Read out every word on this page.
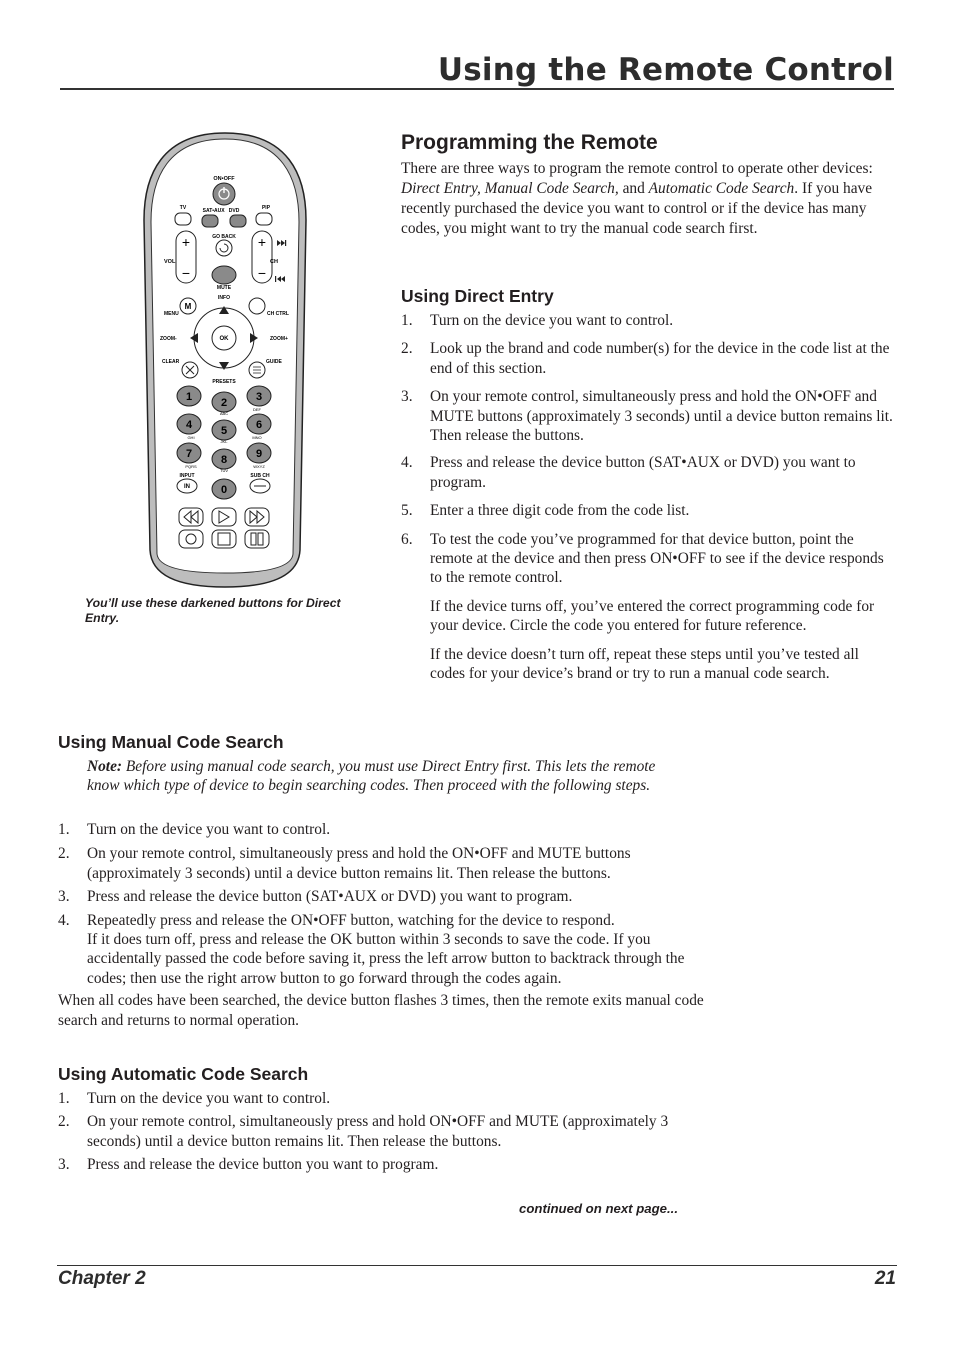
Using the Remote Control
ON•OFF
TV	SAT•AUX   DVD	PIP
GO BACK
+
−
VOL
+
−
CH
MUTE
INFO
M
MENU	CH CTRL
OK
ZOOM-	ZOOM+
CLEAR	GUIDE
PRESETS
1	2
ABC
3
DEF
4
GHI
5
JKL
6
MNO
7
PQRS
8
TUV
9
WXYZ
INPUT
IN	0
SUB CH

You’ll use these darkened buttons for Direct Entry.

Programming the Remote

There are three ways to program the remote control to operate other devices: Direct Entry, Manual Code Search, and Automatic Code Search. If you have recently purchased the device you want to control or if the device has many codes, you might want to try the manual code search first.

Using Direct Entry
1. Turn on the device you want to control.
2. Look up the brand and code number(s) for the device in the code list at the end of this section.
3. On your remote control, simultaneously press and hold the ON•OFF and MUTE buttons (approximately 3 seconds) until a device button remains lit. Then release the buttons.
4. Press and release the device button (SAT•AUX or DVD) you want to program.
5. Enter a three digit code from the code list.
6. To test the code you’ve programmed for that device button, point the remote at the device and then press ON•OFF to see if the device responds to the remote control.
If the device turns off, you’ve entered the correct programming code for your device. Circle the code you entered for future reference.
If the device doesn’t turn off, repeat these steps until you’ve tested all codes for your device’s brand or try to run a manual code search.
Using Manual Code Search

Note: Before using manual code search, you must use Direct Entry first. This lets the remote know which type of device to begin searching codes. Then proceed with the following steps.

1. Turn on the device you want to control.
2. On your remote control, simultaneously press and hold the ON•OFF and MUTE buttons (approximately 3 seconds) until a device button remains lit. Then release the buttons.
3. Press and release the device button (SAT•AUX or DVD) you want to program.
4. Repeatedly press and release the ON•OFF button, watching for the device to respond.
If it does turn off, press and release the OK button within 3 seconds to save the code. If you accidentally passed the code before saving it, press the left arrow button to backtrack through the codes; then use the right arrow button to go forward through the codes again.

When all codes have been searched, the device button flashes 3 times, then the remote exits manual code search and returns to normal operation.

Using Automatic Code Search
1. Turn on the device you want to control.
2. On your remote control, simultaneously press and hold ON•OFF and MUTE (approximately 3 seconds) until a device button remains lit. Then release the buttons.
3. Press and release the device button you want to program.

continued on next page...

Chapter 2	21
